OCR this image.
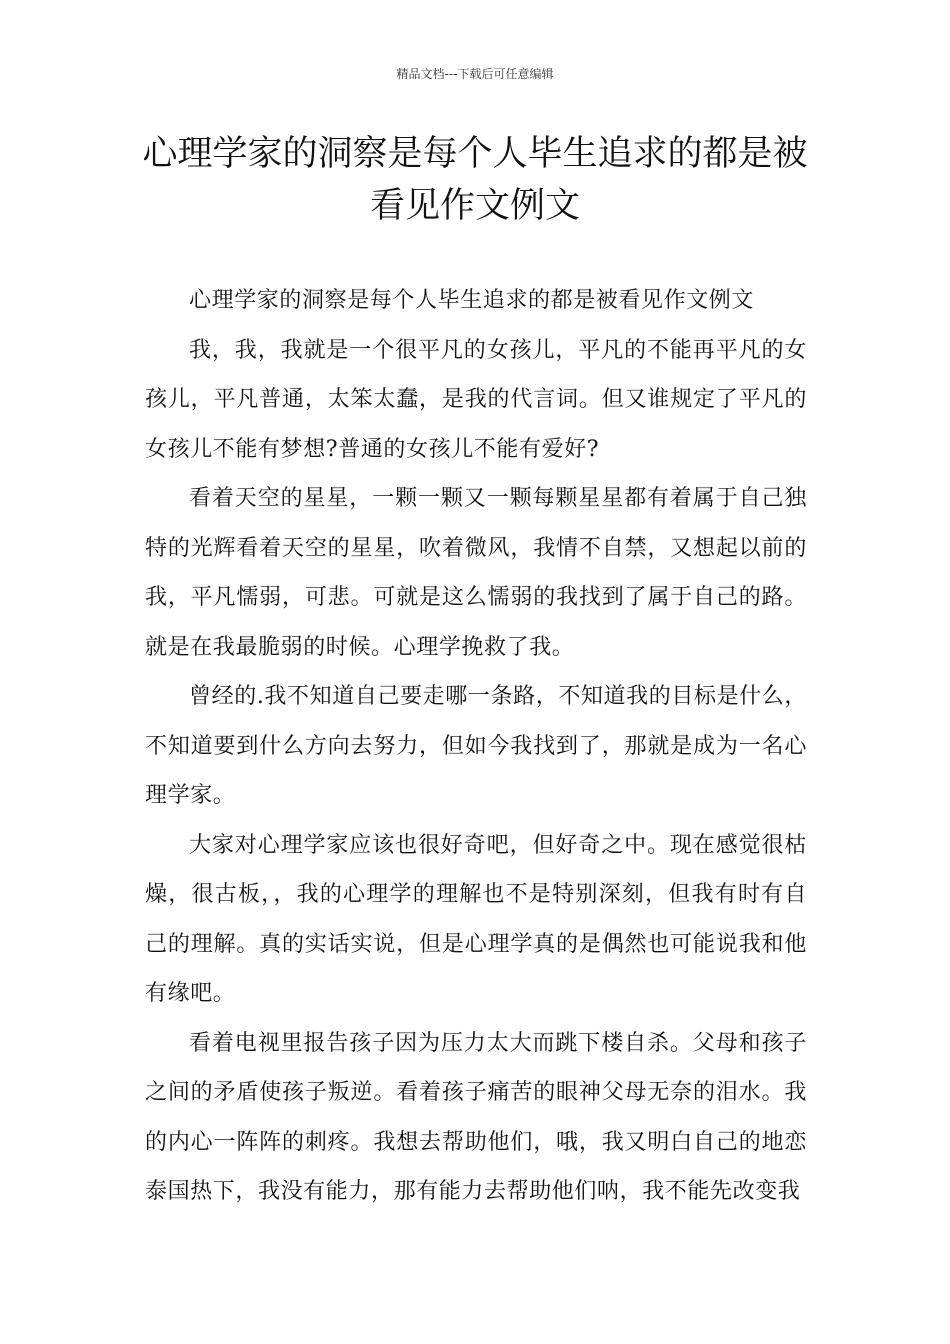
精品文档---下载后可任意编辑
心理学家的洞察是每个人毕生追求的都是被看见作文例文

心理学家的洞察是每个人毕生追求的都是被看见作文例文

我，我，我就是一个很平凡的女孩儿，平凡的不能再平凡的女孩儿，平凡普通，太笨太蠢，是我的代言词。但又谁规定了平凡的女孩儿不能有梦想?普通的女孩儿不能有爱好?

看着天空的星星，一颗一颗又一颗每颗星星都有着属于自己独特的光辉看着天空的星星，吹着微风，我情不自禁，又想起以前的我，平凡懦弱，可悲。可就是这么懦弱的我找到了属于自己的路。就是在我最脆弱的时候。心理学挽救了我。

曾经的.我不知道自己要走哪一条路，不知道我的目标是什么，不知道要到什么方向去努力，但如今我找到了，那就是成为一名心理学家。

大家对心理学家应该也很好奇吧，但好奇之中。现在感觉很枯燥，很古板，，我的心理学的理解也不是特别深刻，但我有时有自己的理解。真的实话实说，但是心理学真的是偶然也可能说我和他有缘吧。

看着电视里报告孩子因为压力太大而跳下楼自杀。父母和孩子之间的矛盾使孩子叛逆。看着孩子痛苦的眼神父母无奈的泪水。我的内心一阵阵的刺疼。我想去帮助他们，哦，我又明白自己的地恋泰国热下，我没有能力，那有能力去帮助他们呐，我不能先改变我
